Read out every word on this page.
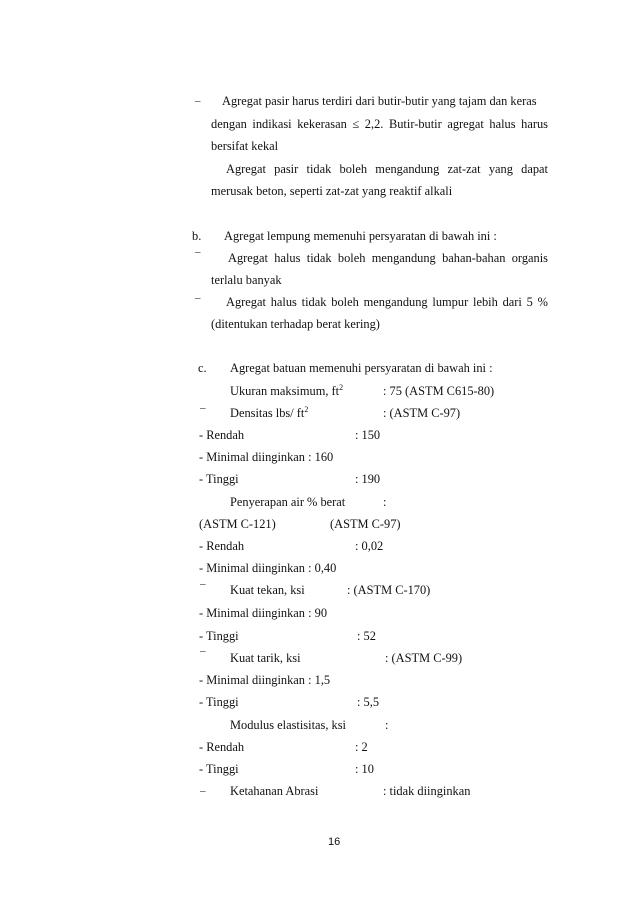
– Agregat pasir harus terdiri dari butir-butir yang tajam dan keras
dengan indikasi kekerasan ≤ 2,2. Butir-butir agregat halus harus
bersifat kekal
Agregat pasir tidak boleh mengandung zat-zat yang dapat
merusak beton, seperti zat-zat yang reaktif alkali
b. Agregat lempung memenuhi persyaratan di bawah ini :
– Agregat halus tidak boleh mengandung bahan-bahan organis
terlalu banyak
– Agregat halus tidak boleh mengandung lumpur lebih dari 5 %
(ditentukan terhadap berat kering)
c. Agregat batuan memenuhi persyaratan di bawah ini :
Ukuran maksimum, $ft^2$	: 75 (ASTM C615-80)
– Densitas lbs/ $ft^2$	: (ASTM C-97)
- Rendah	: 150
- Minimal diinginkan : 160
- Tinggi	: 190
Penyerapan air % berat	:
(ASTM C-121)	(ASTM C-97)
- Rendah	: 0,02
- Minimal diinginkan : 0,40
– Kuat tekan, ksi	: (ASTM C-170)
- Minimal diinginkan : 90
- Tinggi	: 52
– Kuat tarik, ksi	: (ASTM C-99)
- Minimal diinginkan : 1,5
- Tinggi	: 5,5
Modulus elastisitas, ksi	:
- Rendah	: 2
- Tinggi	: 10
– Ketahanan Abrasi	: tidak diinginkan
16
